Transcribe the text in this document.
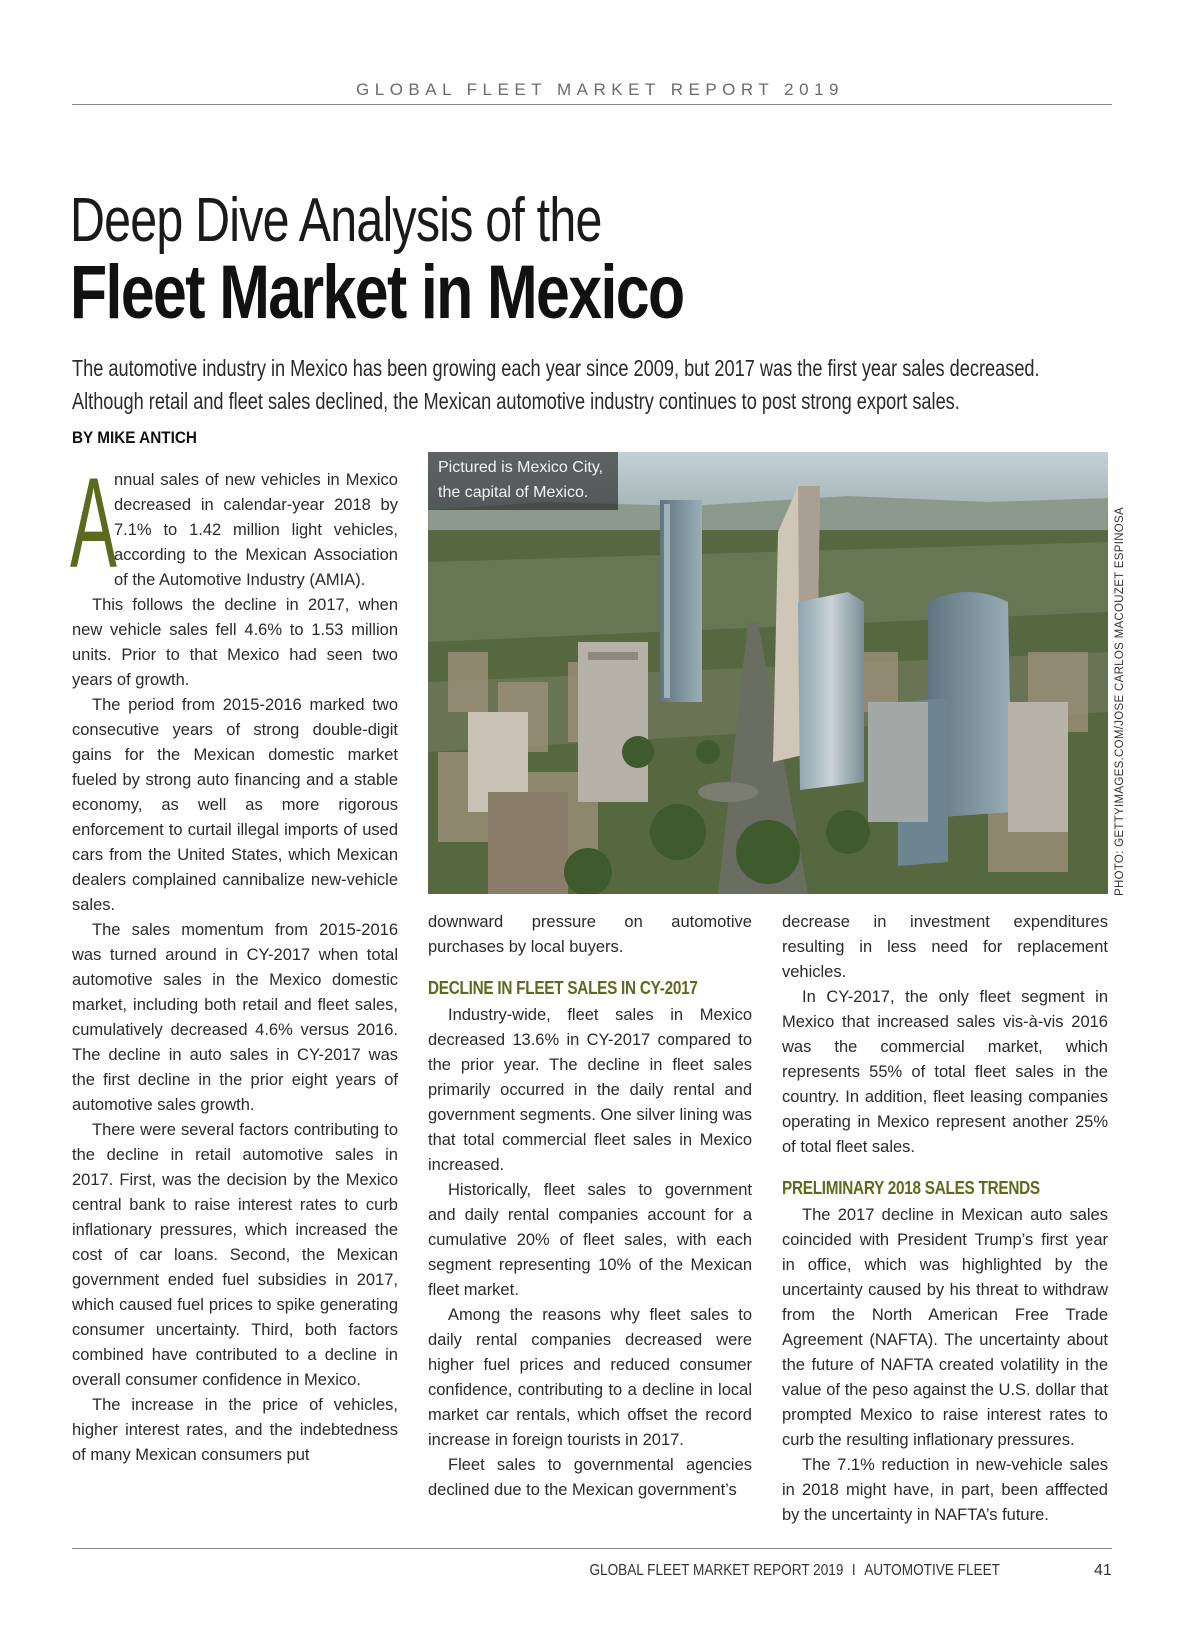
GLOBAL FLEET MARKET REPORT 2019
Deep Dive Analysis of the
Fleet Market in Mexico

The automotive industry in Mexico has been growing each year since 2009, but 2017 was the first year sales decreased.

Although retail and fleet sales declined, the Mexican automotive industry continues to post strong export sales.

BY MIKE ANTICH

A
nnual sales of new vehicles in Mexico decreased in calendar-year 2018 by 7.1% to 1.42 million light vehicles, according to the Mexican Association of the Automotive Industry (AMIA).

This follows the decline in 2017, when new vehicle sales fell 4.6% to 1.53 million units. Prior to that Mexico had seen two years of growth.

The period from 2015-2016 marked two consecutive years of strong double-digit gains for the Mexican domestic market fueled by strong auto financing and a stable economy, as well as more rigorous enforcement to curtail illegal imports of used cars from the United States, which Mexican dealers complained cannibalize new-vehicle sales.

The sales momentum from 2015-2016 was turned around in CY-2017 when total automotive sales in the Mexico domestic market, including both retail and fleet sales, cumulatively decreased 4.6% versus 2016. The decline in auto sales in CY-2017 was the first decline in the prior eight years of automotive sales growth.

There were several factors contributing to the decline in retail automotive sales in 2017. First, was the decision by the Mexico central bank to raise interest rates to curb inflationary pressures, which increased the cost of car loans. Second, the Mexican government ended fuel subsidies in 2017, which caused fuel prices to spike generating consumer uncertainty. Third, both factors combined have contributed to a decline in overall consumer confidence in Mexico.

The increase in the price of vehicles, higher interest rates, and the indebtedness of many Mexican consumers put

Pictured is Mexico City,
the capital of Mexico.
PHOTO: GETTYIMAGES.COM/JOSE CARLOS MACOUZET ESPINOSA

downward pressure on automotive purchases by local buyers.

DECLINE IN FLEET SALES IN CY-2017

Industry-wide, fleet sales in Mexico decreased 13.6% in CY-2017 compared to the prior year. The decline in fleet sales primarily occurred in the daily rental and government segments. One silver lining was that total commercial fleet sales in Mexico increased.

Historically, fleet sales to government and daily rental companies account for a cumulative 20% of fleet sales, with each segment representing 10% of the Mexican fleet market.

Among the reasons why fleet sales to daily rental companies decreased were higher fuel prices and reduced consumer confidence, contributing to a decline in local market car rentals, which offset the record increase in foreign tourists in 2017.

Fleet sales to governmental agencies declined due to the Mexican government’s

decrease in investment expenditures resulting in less need for replacement vehicles.

In CY-2017, the only fleet segment in Mexico that increased sales vis-à-vis 2016 was the commercial market, which represents 55% of total fleet sales in the country. In addition, fleet leasing companies operating in Mexico represent another 25% of total fleet sales.

PRELIMINARY 2018 SALES TRENDS

The 2017 decline in Mexican auto sales coincided with President Trump’s first year in office, which was highlighted by the uncertainty caused by his threat to withdraw from the North American Free Trade Agreement (NAFTA). The uncertainty about the future of NAFTA created volatility in the value of the peso against the U.S. dollar that prompted Mexico to raise interest rates to curb the resulting inflationary pressures.

The 7.1% reduction in new-vehicle sales in 2018 might have, in part, been afffected by the uncertainty in NAFTA’s future.

GLOBAL FLEET MARKET REPORT 2019 I AUTOMOTIVE FLEET	41
